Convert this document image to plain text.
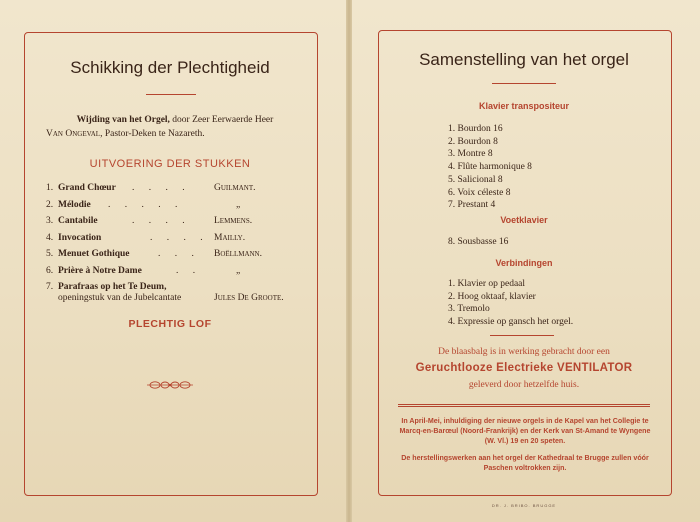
Schikking der Plechtigheid
Wijding van het Orgel, door Zeer Eerwaerde Heer
Van Ongeval, Pastor-Deken te Nazareth.
UITVOERING DER STUKKEN
1. Grand Chœur . . . . Guilmant.
2. Mélodie . . . . .	„
3. Cantabile	. . . . Lemmens.
4. Invocation	. . . . Mailly.
5. Menuet Gothique	. . . Boëllmann.
6. Prière à Notre Dame	. .	„
7. Parafraas op het Te Deum,
openingstuk van de Jubelcantate	Jules De Groote.
PLECHTIG LOF
Samenstelling van het orgel
Klavier transpositeur
1. Bourdon 16
2. Bourdon 8
3. Montre 8
4. Flûte harmonique 8
5. Salicional 8
6. Voix céleste 8
7. Prestant 4
Voetklavier
8. Sousbasse 16
Verbindingen
1. Klavier op pedaal
2. Hoog oktaaf, klavier
3. Tremolo
4. Expressie op gansch het orgel.
De blaasbalg is in werking gebracht door een
Geruchtlooze Electrieke VENTILATOR
geleverd door hetzelfde huis.
In April-Mei, inhuldiging der nieuwe orgels in de Kapel van het Collegie te Marcq-en-Barœul (Noord-Frankrijk) en der Kerk van St-Amand te Wyngene (W. Vl.) 19 en 20 speten.
De herstellingswerken aan het orgel der Kathedraal te Brugge zullen vóór Paschen voltrokken zijn.
DR. J. BRIBO. BRUGGE
